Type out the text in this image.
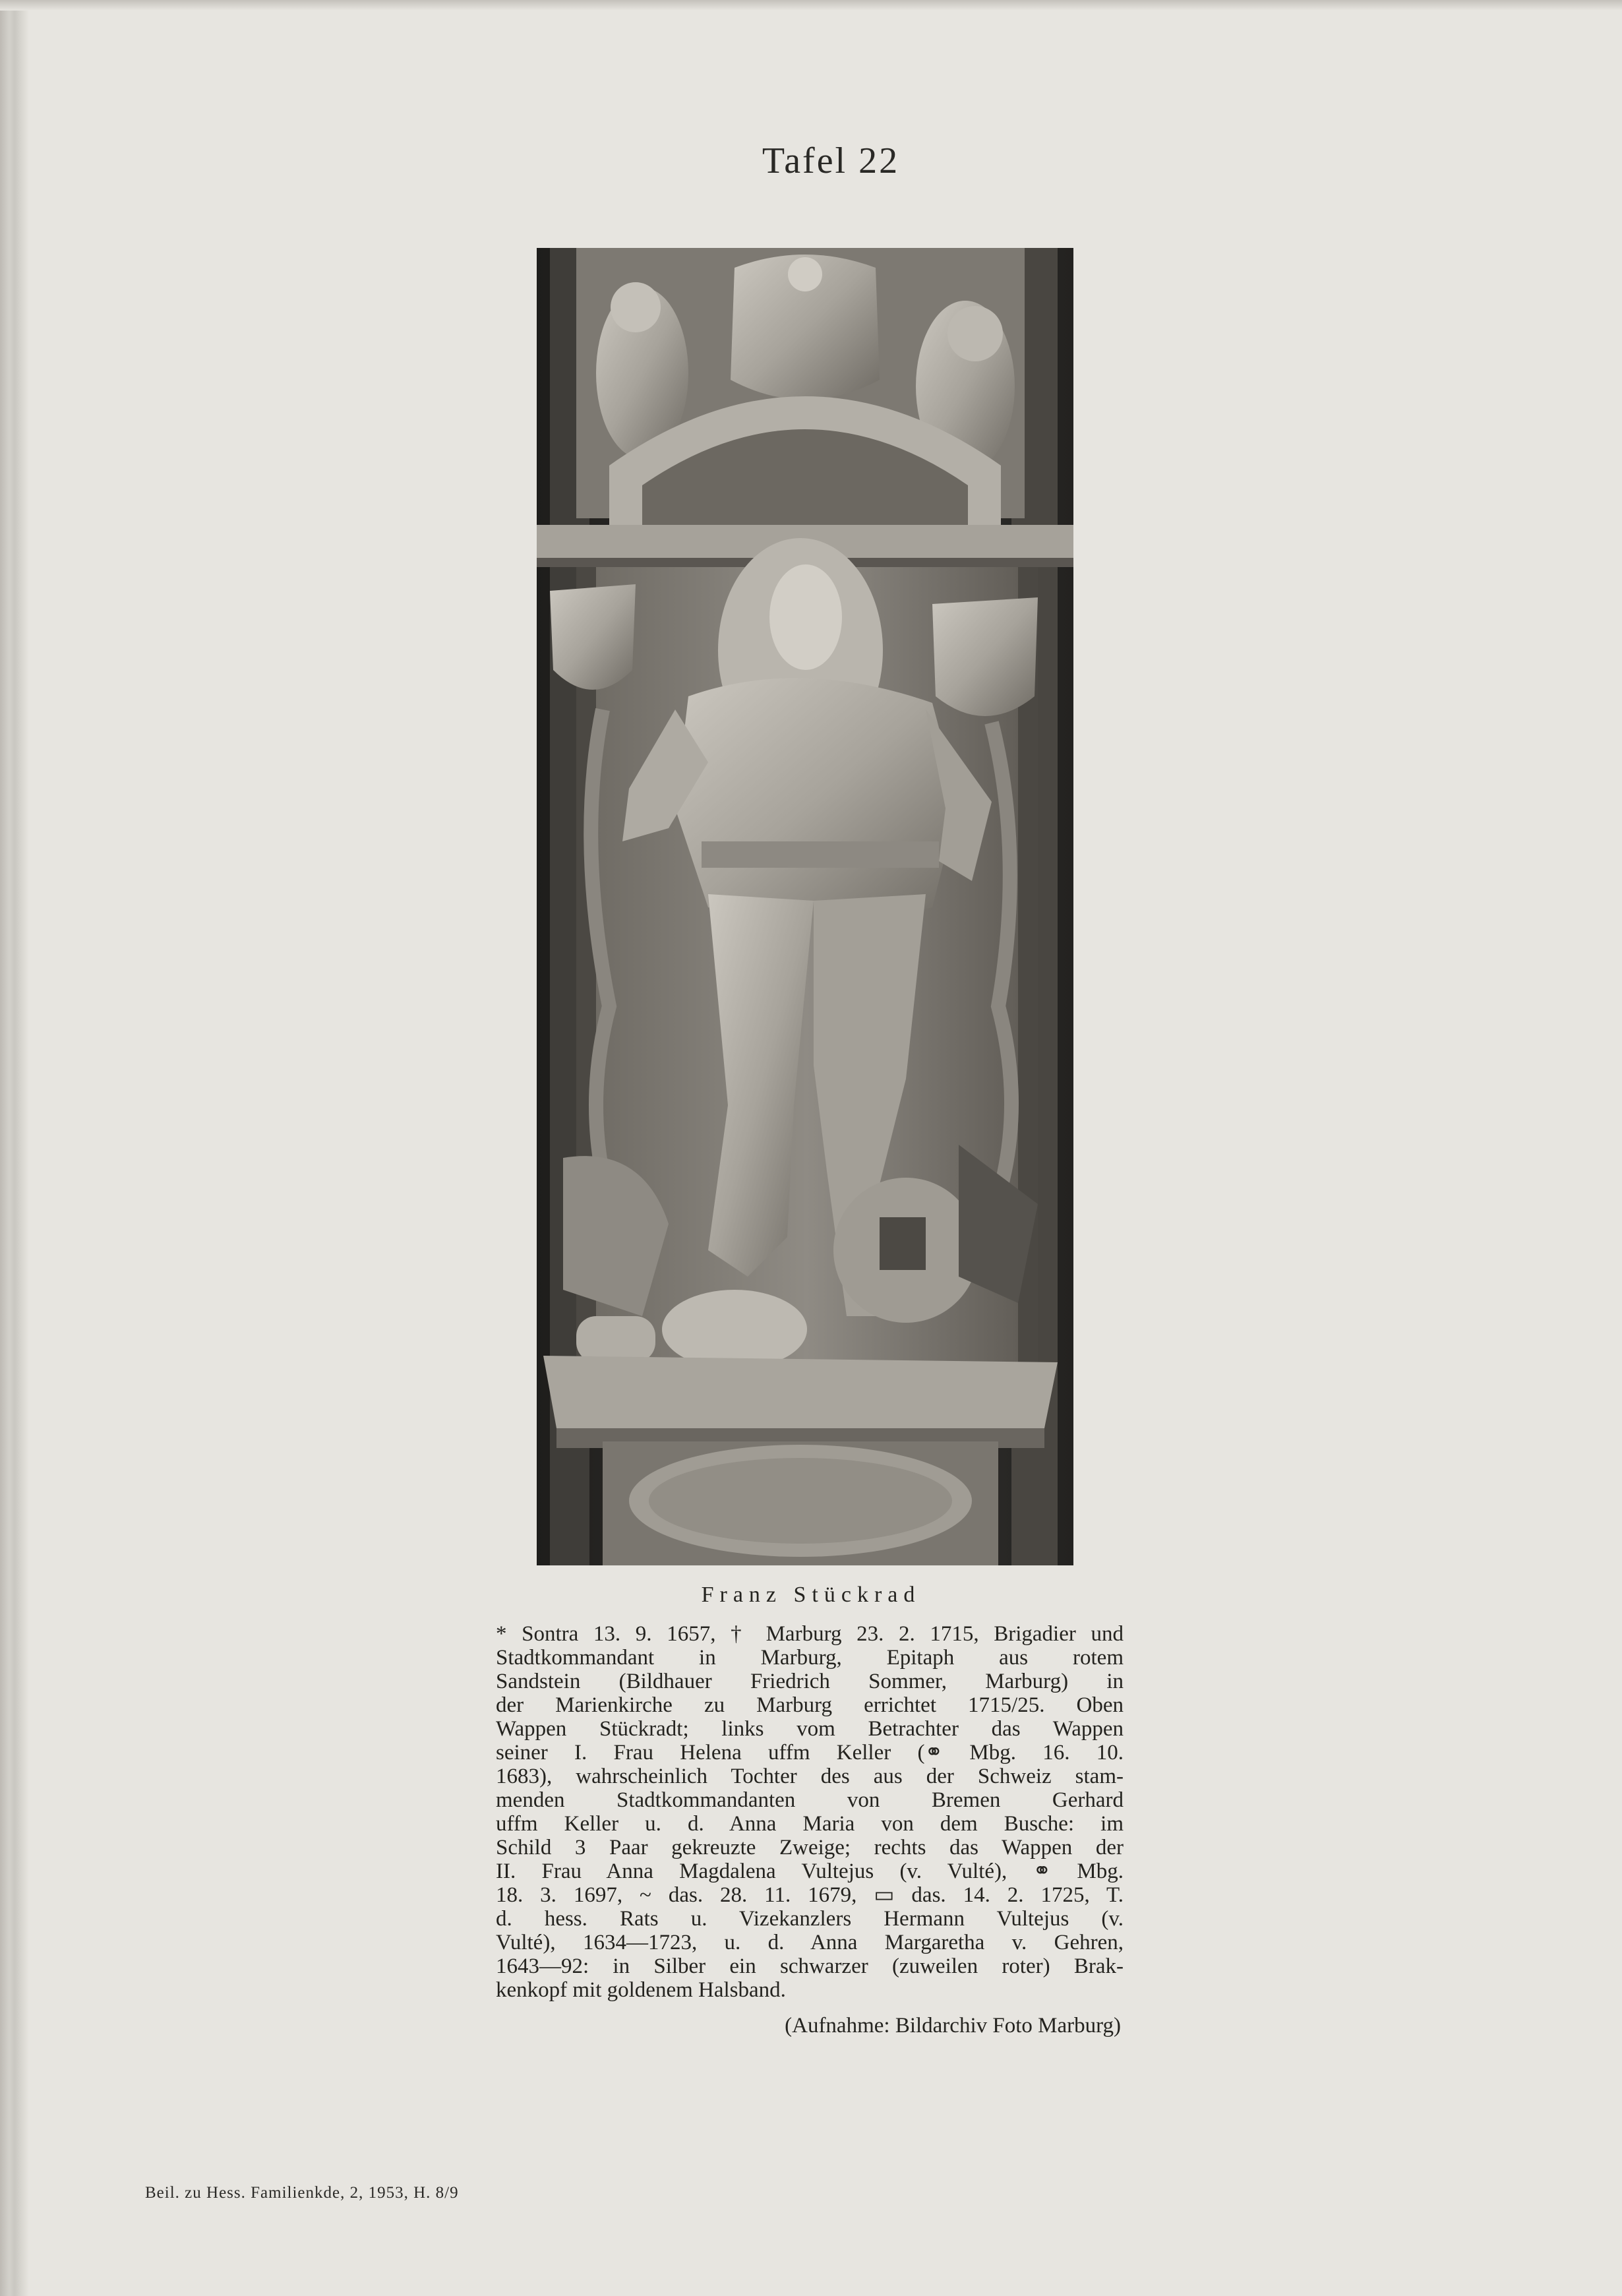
Tafel 22
Franz Stückrad
* Sontra 13. 9. 1657, † Marburg 23. 2. 1715, Brigadier und
Stadtkommandant in Marburg, Epitaph aus rotem
Sandstein (Bildhauer Friedrich Sommer, Marburg) in
der Marienkirche zu Marburg errichtet 1715/25. Oben
Wappen Stückradt; links vom Betrachter das Wappen
seiner I. Frau Helena uffm Keller (⚭ Mbg. 16. 10.
1683), wahrscheinlich Tochter des aus der Schweiz stam-
menden Stadtkommandanten von Bremen Gerhard
uffm Keller u. d. Anna Maria von dem Busche: im
Schild 3 Paar gekreuzte Zweige; rechts das Wappen der
II. Frau Anna Magdalena Vultejus (v. Vulté), ⚭ Mbg.
18. 3. 1697, ~ das. 28. 11. 1679, ▭ das. 14. 2. 1725, T.
d. hess. Rats u. Vizekanzlers Hermann Vultejus (v.
Vulté), 1634—1723, u. d. Anna Margaretha v. Gehren,
1643—92: in Silber ein schwarzer (zuweilen roter) Brak-
kenkopf mit goldenem Halsband.
(Aufnahme: Bildarchiv Foto Marburg)
Beil. zu Hess. Familienkde, 2, 1953, H. 8/9
